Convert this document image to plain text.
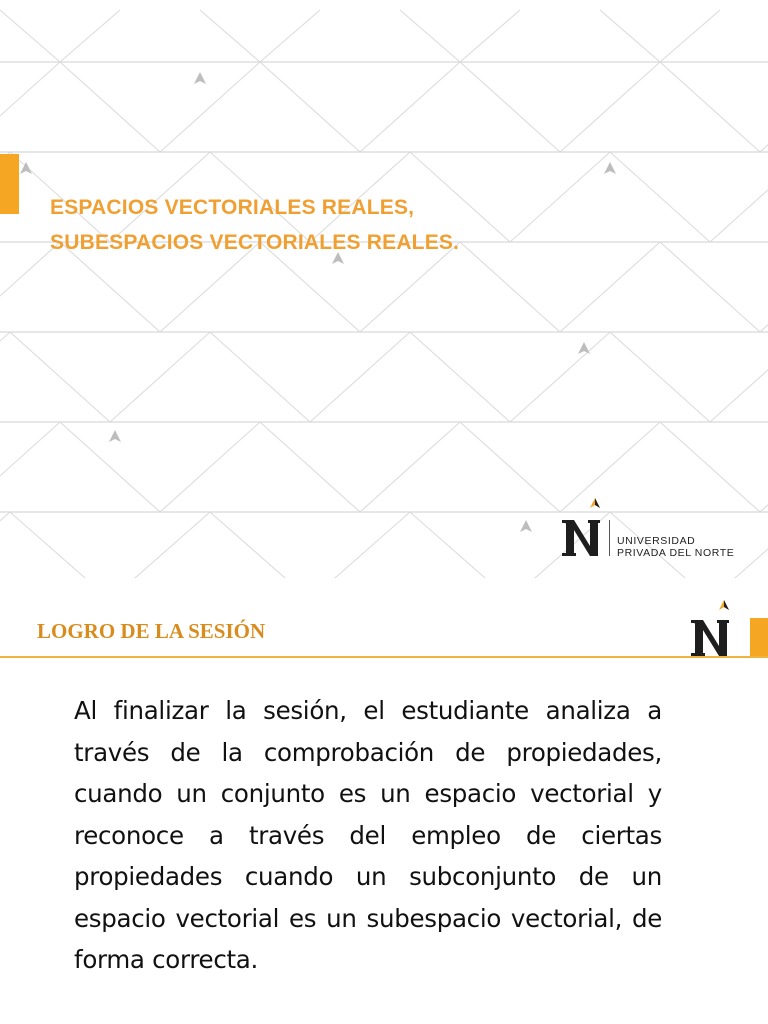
ESPACIOS VECTORIALES REALES,
SUBESPACIOS VECTORIALES REALES.
UNIVERSIDAD
PRIVADA DEL NORTE
LOGRO DE LA SESIÓN
Al finalizar la sesión, el estudiante analiza a través de la comprobación de propiedades, cuando un conjunto es un espacio vectorial y reconoce a través del empleo de ciertas propiedades cuando un subconjunto de un espacio vectorial es un subespacio vectorial, de forma correcta.
